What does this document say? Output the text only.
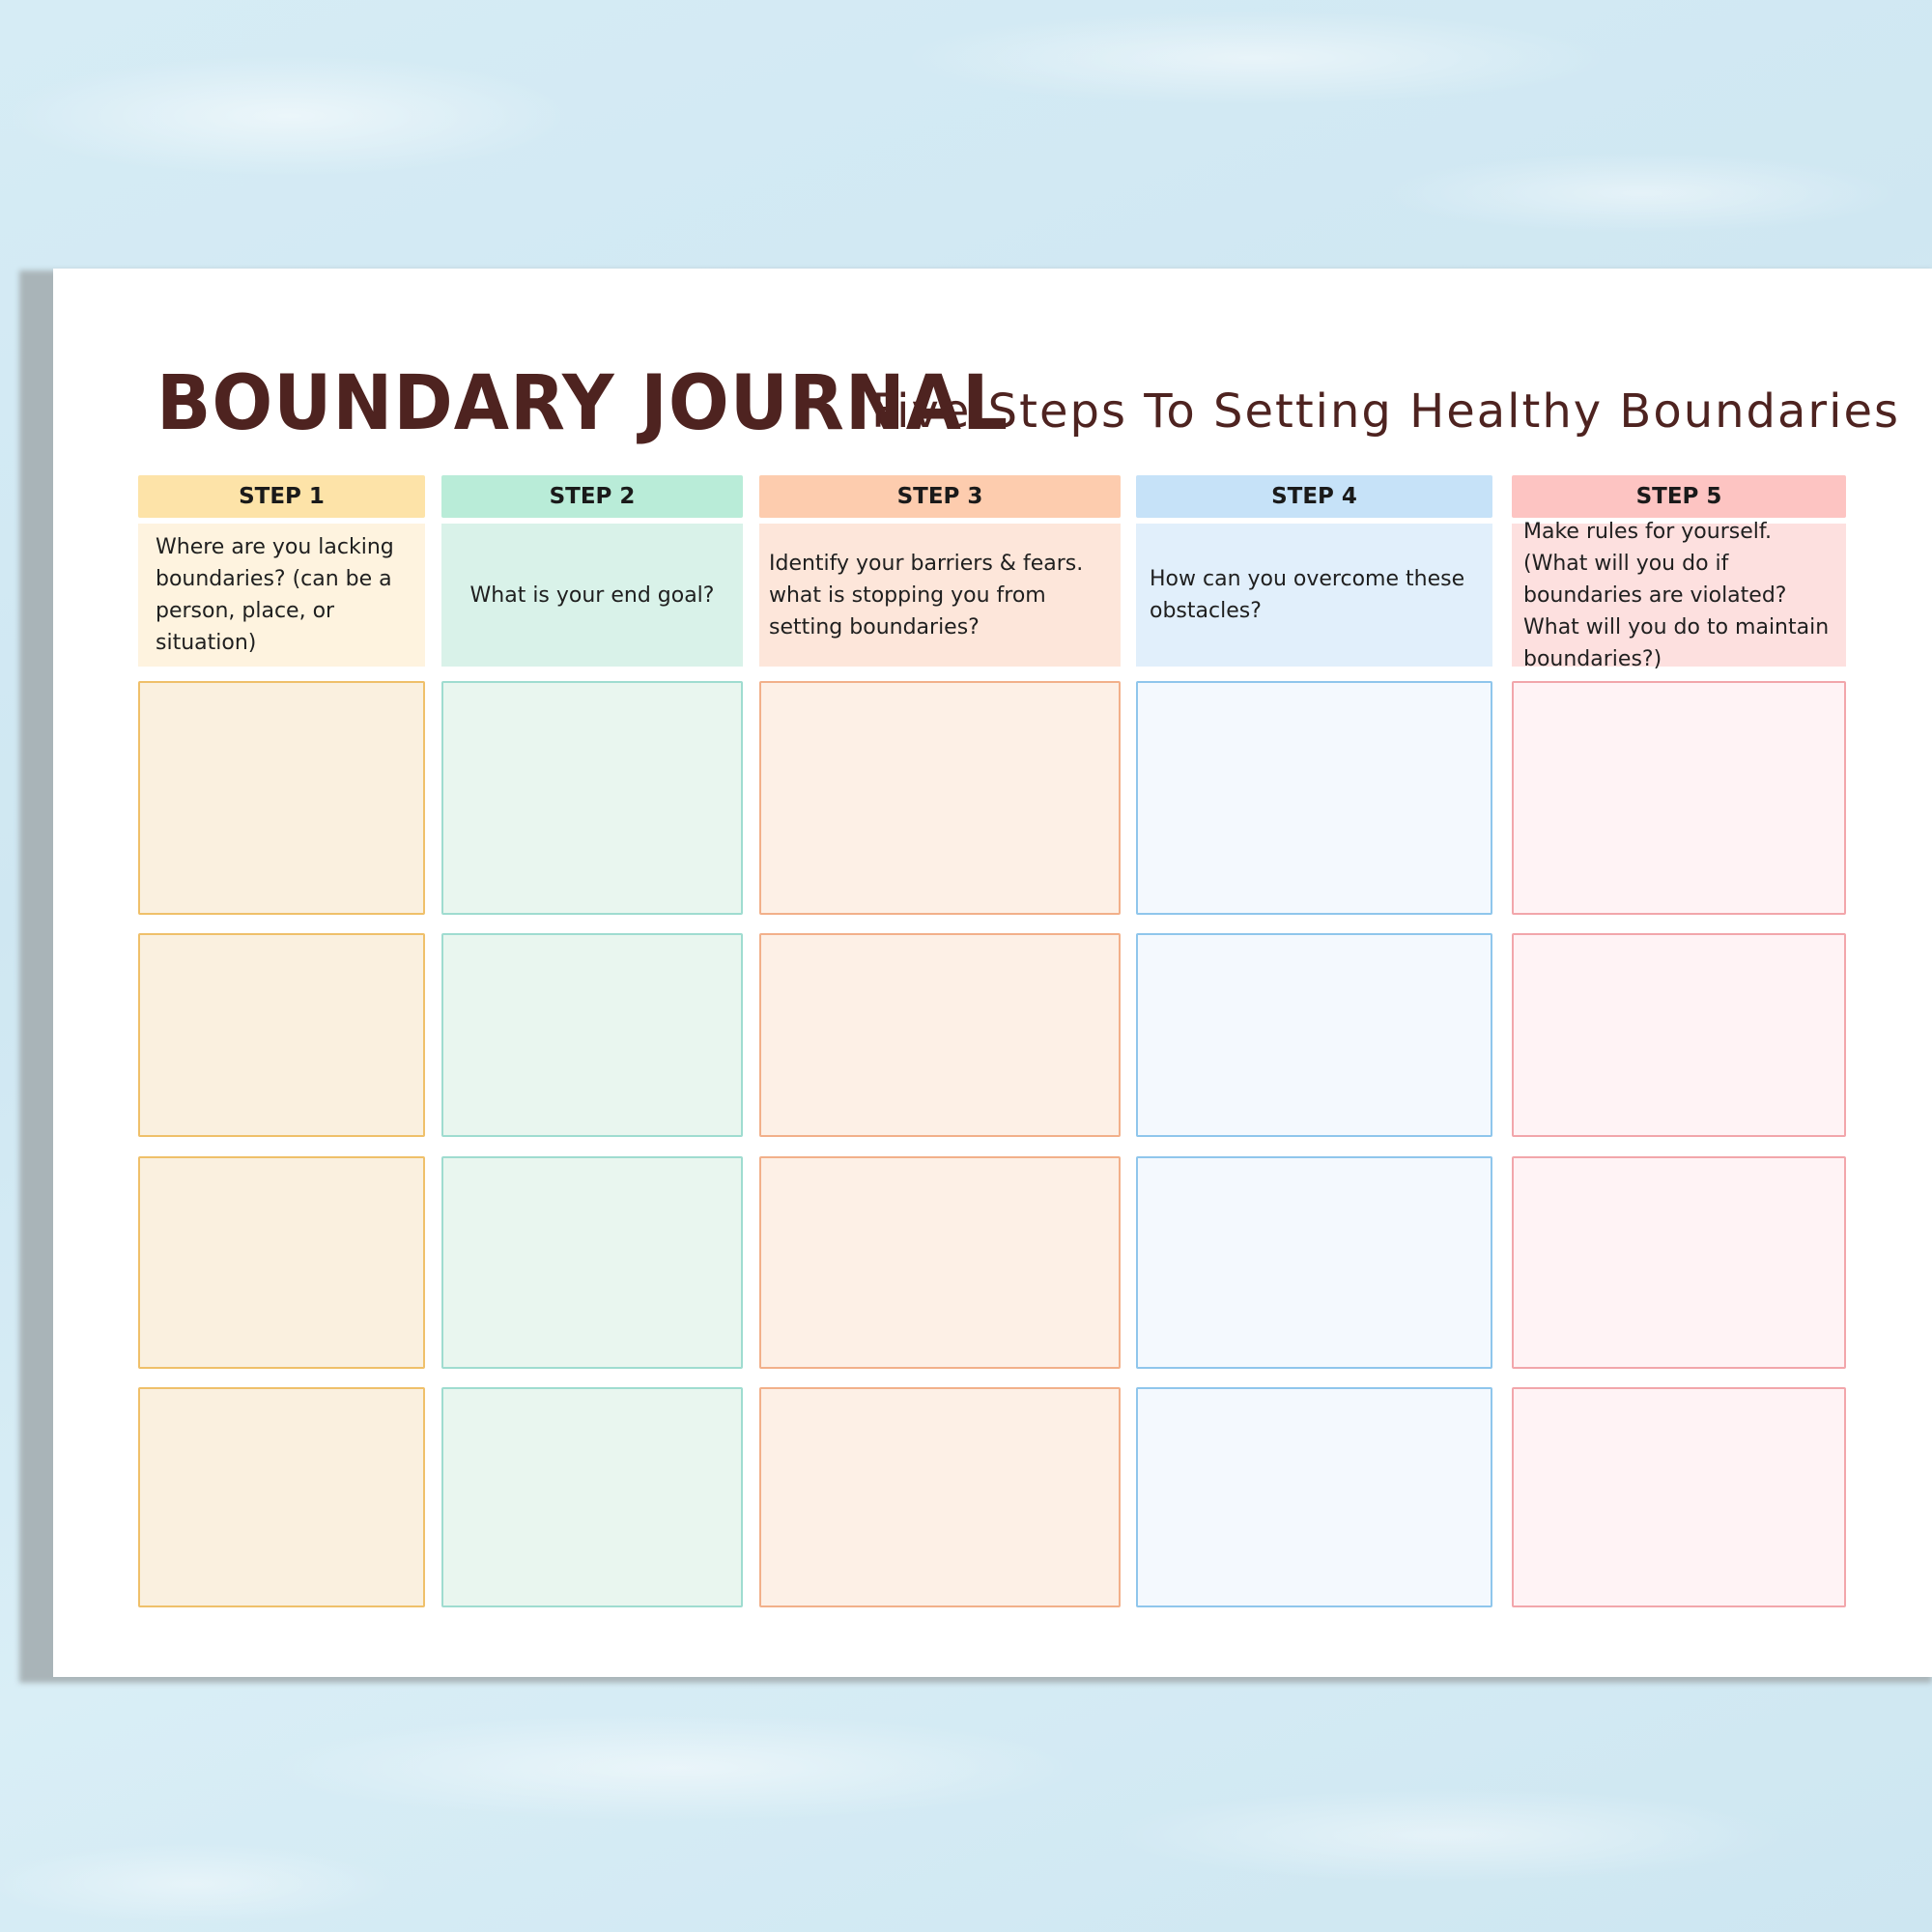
BOUNDARY JOURNAL
Five Steps To Setting Healthy Boundaries
STEP 1
Where are you lacking boundaries? (can be a person, place, or situation)
STEP 2
What is your end goal?
STEP 3
Identify your barriers & fears. what is stopping you from setting boundaries?
STEP 4
How can you overcome these obstacles?
STEP 5
Make rules for yourself. (What will you do if boundaries are violated? What will you do to maintain boundaries?)
